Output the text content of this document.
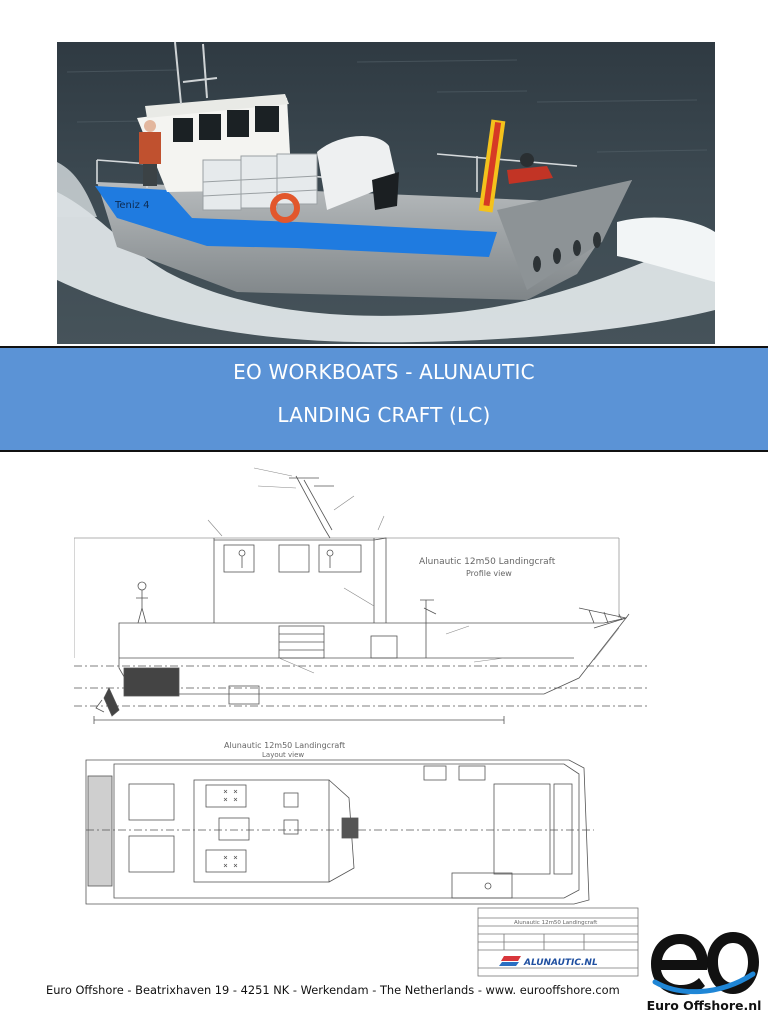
Teniz 4
EO WORKBOATS - ALUNAUTIC
LANDING CRAFT (LC)
Alunautic 12m50 Landingcraft
Profile view
Alunautic 12m50 Landingcraft
Layout view
Alunautic 12m50 Landingcraft
ALUNAUTIC.NL
Euro Offshore - Beatrixhaven 19 - 4251 NK - Werkendam - The Netherlands - www. eurooffshore.com
Euro Offshore.nl
